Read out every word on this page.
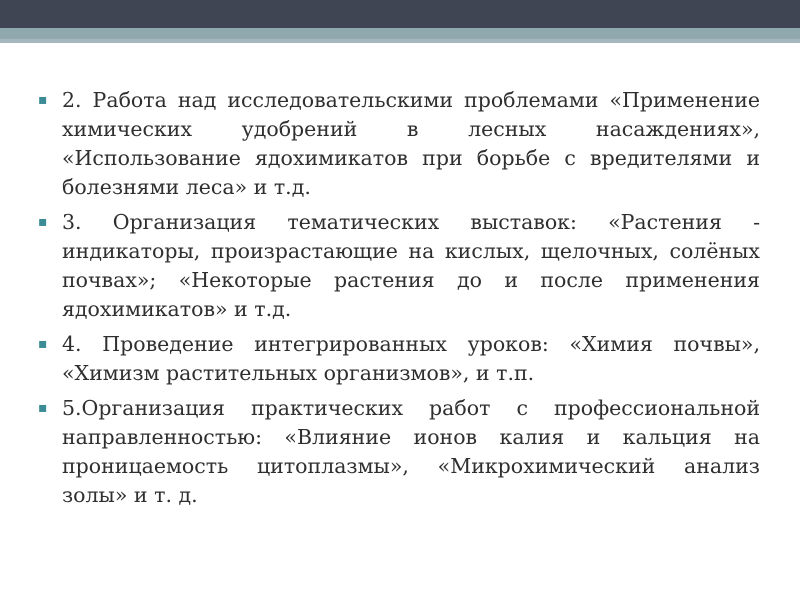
▪ 2. Работа над исследовательскими проблемами «Применение химических удобрений в лесных насаждениях», «Использование ядохимикатов при борьбе с вредителями и болезнями леса» и т.д.
▪ 3. Организация тематических выставок: «Растения - индикаторы, произрастающие на кислых, щелочных, солёных почвах»; «Некоторые растения до и после применения ядохимикатов» и т.д.
▪ 4. Проведение интегрированных уроков: «Химия почвы», «Химизм растительных организмов», и т.п.
▪ 5.Организация практических работ с профессиональной направленностью: «Влияние ионов калия и кальция на проницаемость цитоплазмы», «Микрохимический анализ золы» и т. д.
